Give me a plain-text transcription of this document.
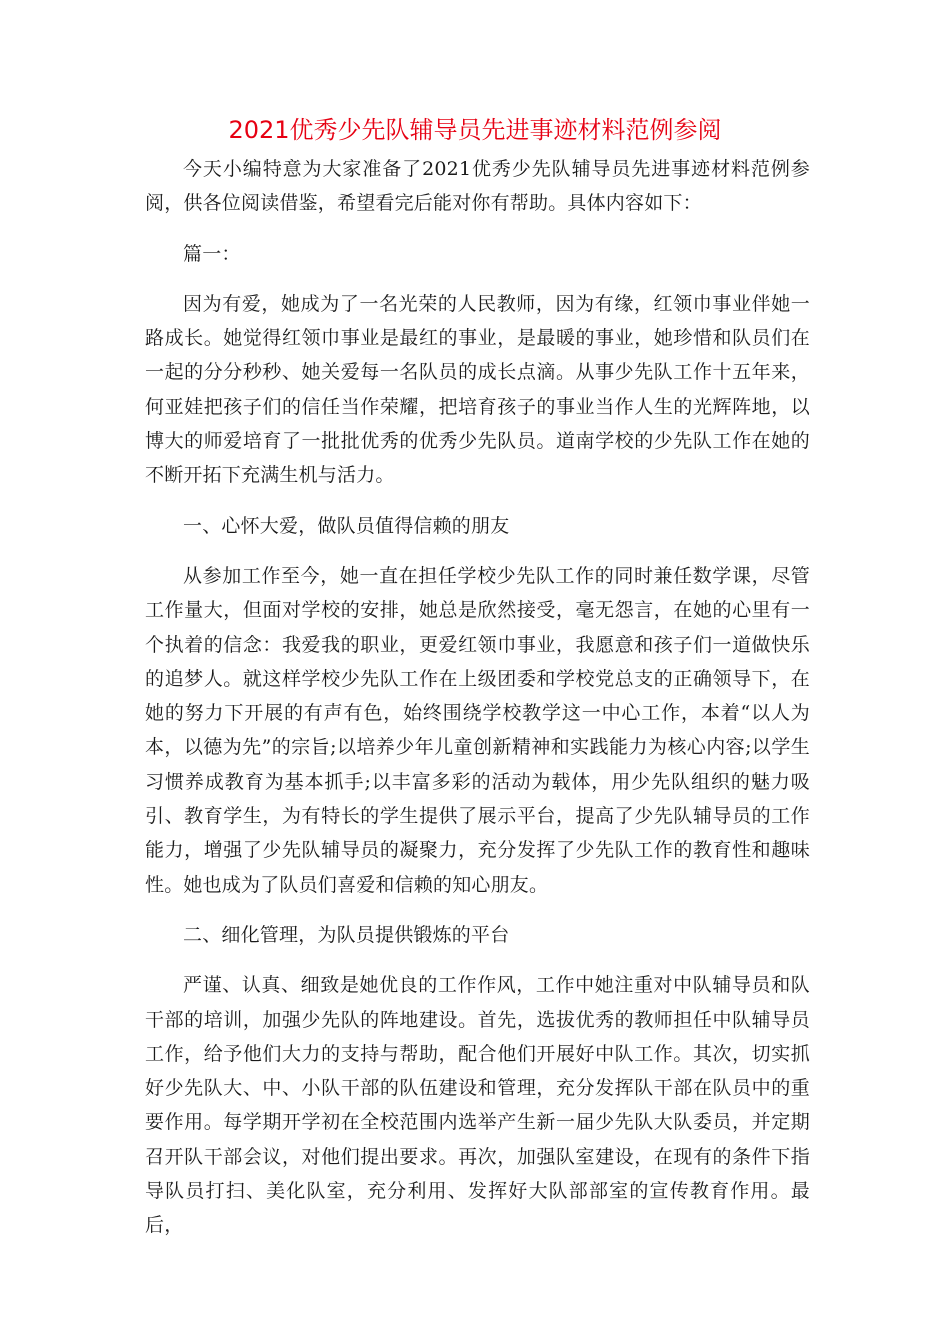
2021优秀少先队辅导员先进事迹材料范例参阅

今天小编特意为大家准备了2021优秀少先队辅导员先进事迹材料范例参阅，供各位阅读借鉴，希望看完后能对你有帮助。具体内容如下：

篇一：

因为有爱，她成为了一名光荣的人民教师，因为有缘，红领巾事业伴她一路成长。她觉得红领巾事业是最红的事业，是最暖的事业，她珍惜和队员们在一起的分分秒秒、她关爱每一名队员的成长点滴。从事少先队工作十五年来，何亚娃把孩子们的信任当作荣耀，把培育孩子的事业当作人生的光辉阵地，以博大的师爱培育了一批批优秀的优秀少先队员。道南学校的少先队工作在她的不断开拓下充满生机与活力。

一、心怀大爱，做队员值得信赖的朋友

从参加工作至今，她一直在担任学校少先队工作的同时兼任数学课，尽管工作量大，但面对学校的安排，她总是欣然接受，毫无怨言，在她的心里有一个执着的信念：我爱我的职业，更爱红领巾事业，我愿意和孩子们一道做快乐的追梦人。就这样学校少先队工作在上级团委和学校党总支的正确领导下，在她的努力下开展的有声有色，始终围绕学校教学这一中心工作，本着“以人为本，以德为先”的宗旨;以培养少年儿童创新精神和实践能力为核心内容;以学生习惯养成教育为基本抓手;以丰富多彩的活动为载体，用少先队组织的魅力吸引、教育学生，为有特长的学生提供了展示平台，提高了少先队辅导员的工作能力，增强了少先队辅导员的凝聚力，充分发挥了少先队工作的教育性和趣味性。她也成为了队员们喜爱和信赖的知心朋友。

二、细化管理，为队员提供锻炼的平台

严谨、认真、细致是她优良的工作作风，工作中她注重对中队辅导员和队干部的培训，加强少先队的阵地建设。首先，选拔优秀的教师担任中队辅导员工作，给予他们大力的支持与帮助，配合他们开展好中队工作。其次，切实抓好少先队大、中、小队干部的队伍建设和管理，充分发挥队干部在队员中的重要作用。每学期开学初在全校范围内选举产生新一届少先队大队委员，并定期召开队干部会议，对他们提出要求。再次，加强队室建设，在现有的条件下指导队员打扫、美化队室，充分利用、发挥好大队部部室的宣传教育作用。最后，
